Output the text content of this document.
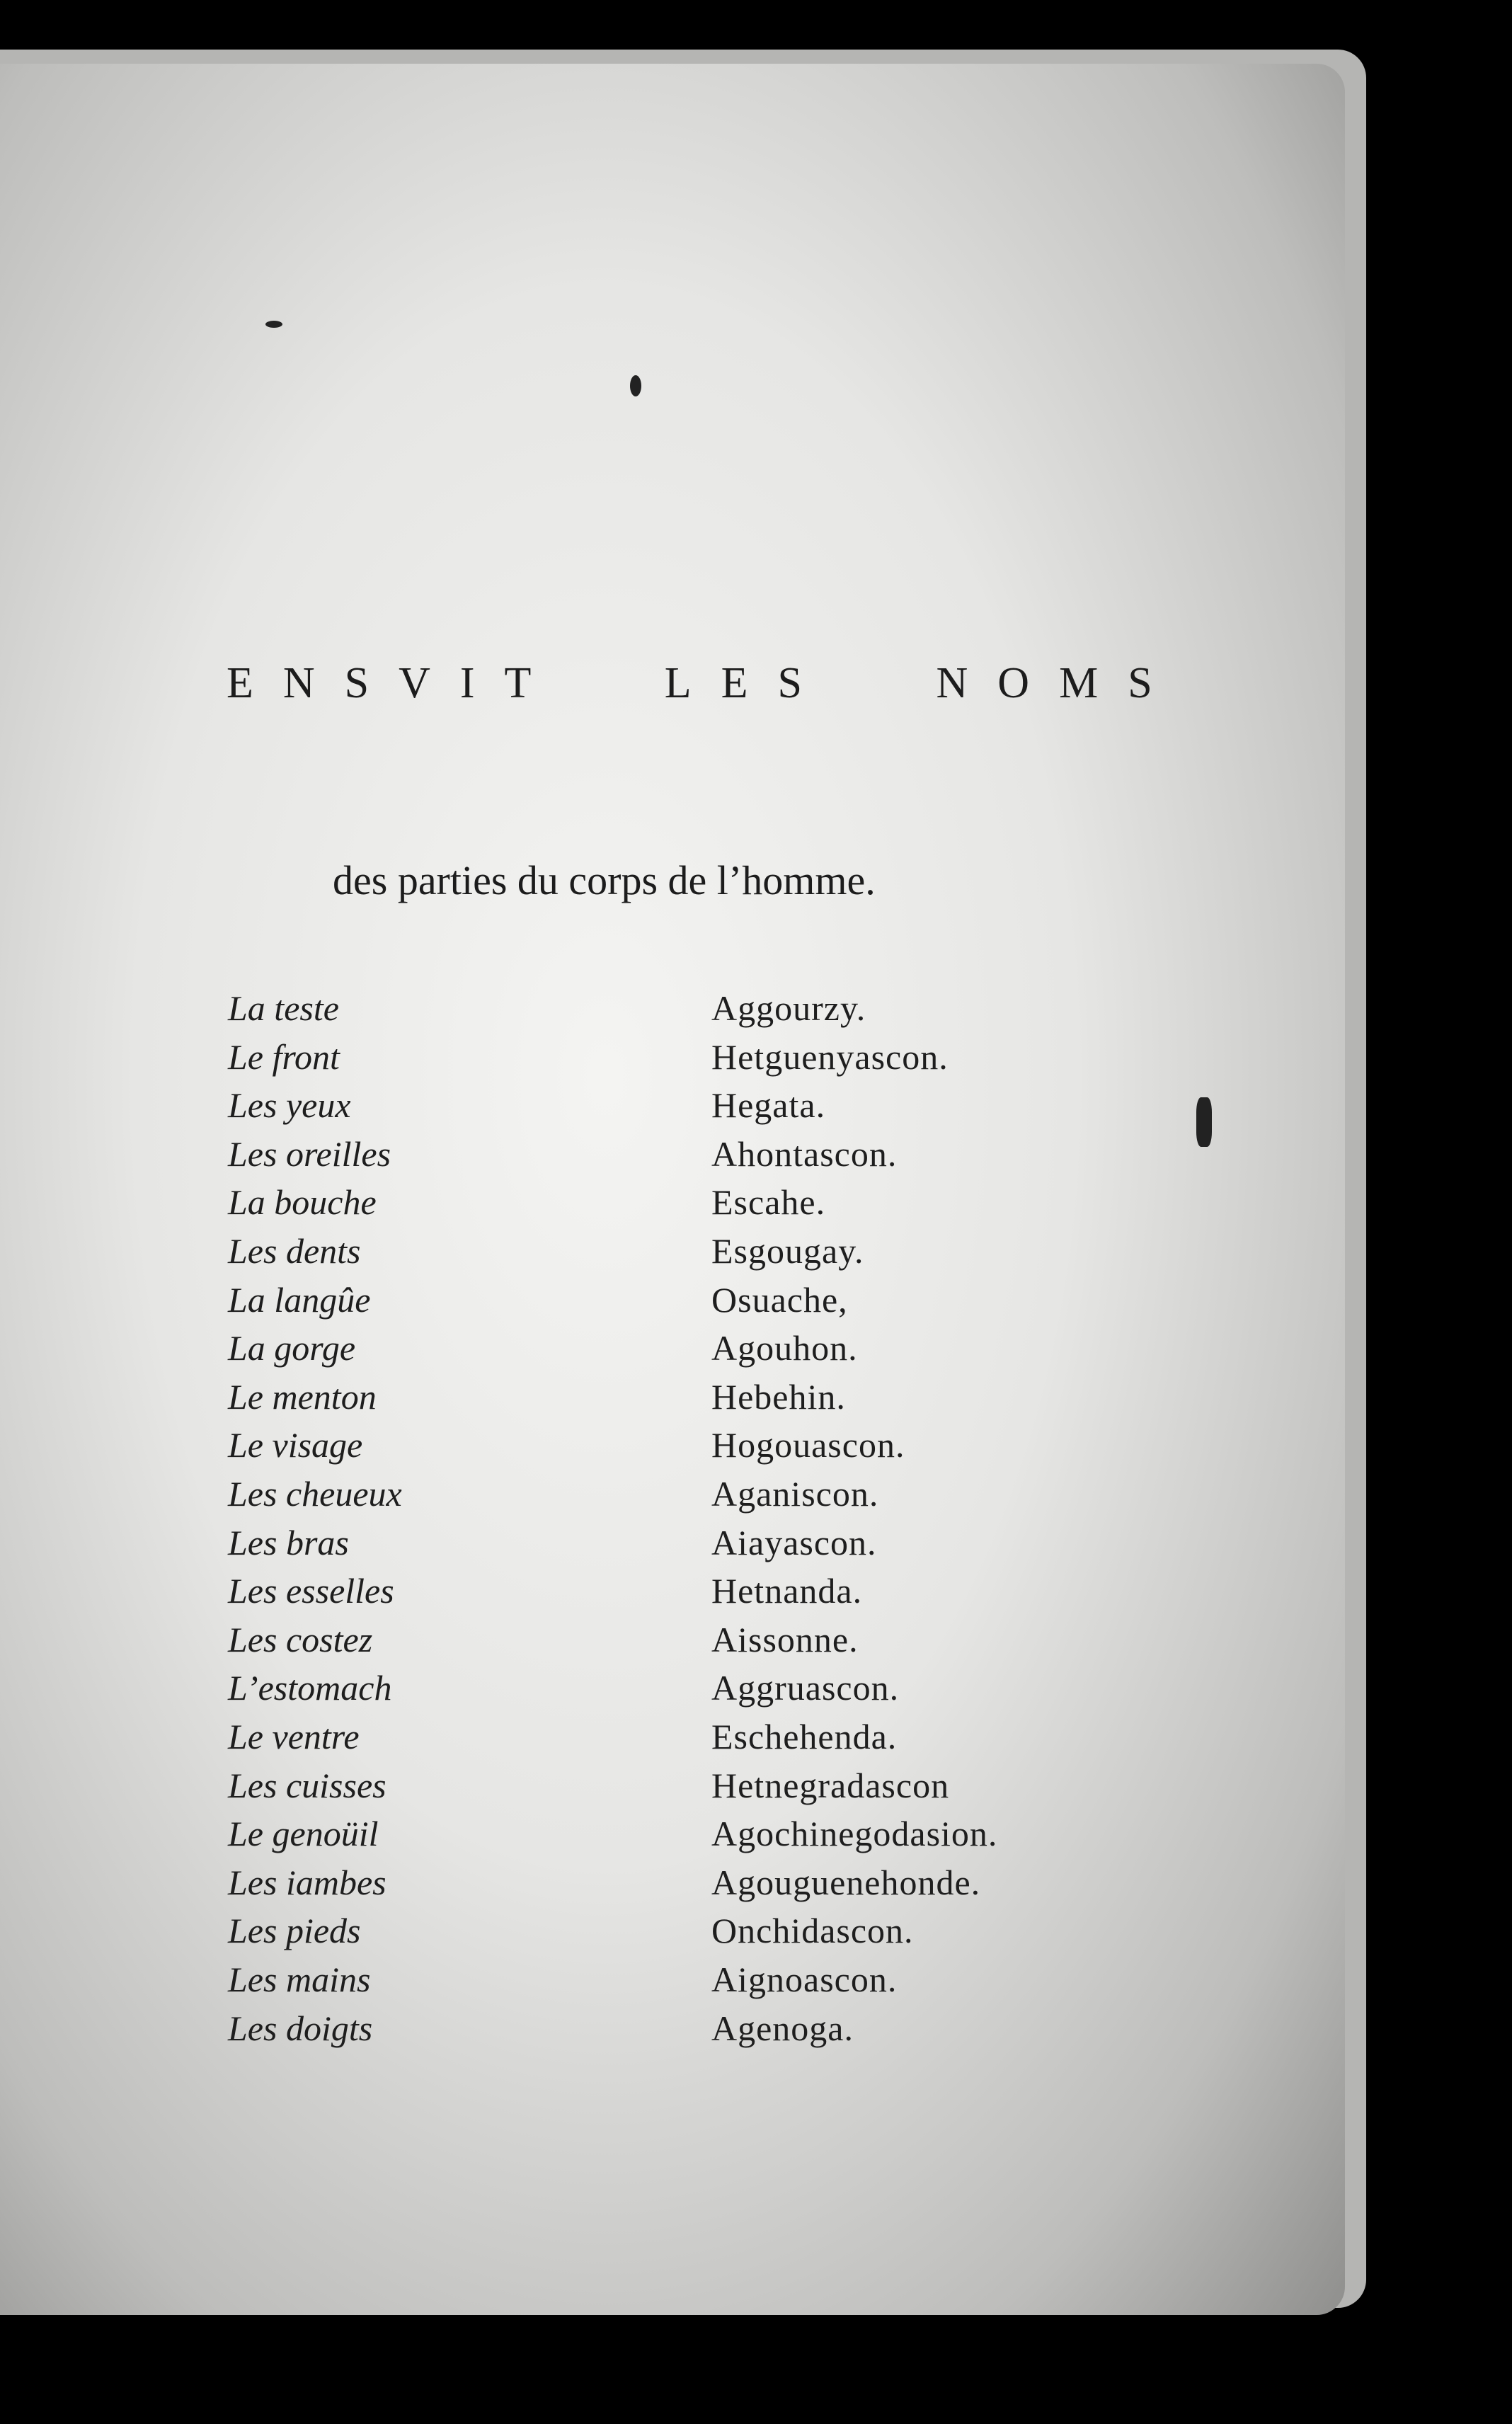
ENSVIT LES NOMS
des parties du corps de l’homme.
La teste	Aggourzy.
Le front	Hetguenyascon.
Les yeux	Hegata.
Les oreilles	Ahontascon.
La bouche	Escahe.
Les dents	Esgougay.
La langûe	Osuache,
La gorge	Agouhon.
Le menton	Hebehin.
Le visage	Hogouascon.
Les cheueux	Aganiscon.
Les bras	Aiayascon.
Les esselles	Hetnanda.
Les costez	Aissonne.
L’estomach	Aggruascon.
Le ventre	Eschehenda.
Les cuisses	Hetnegradascon
Le genoüil	Agochinegodasion.
Les iambes	Agouguenehonde.
Les pieds	Onchidascon.
Les mains	Aignoascon.
Les doigts	Agenoga.
